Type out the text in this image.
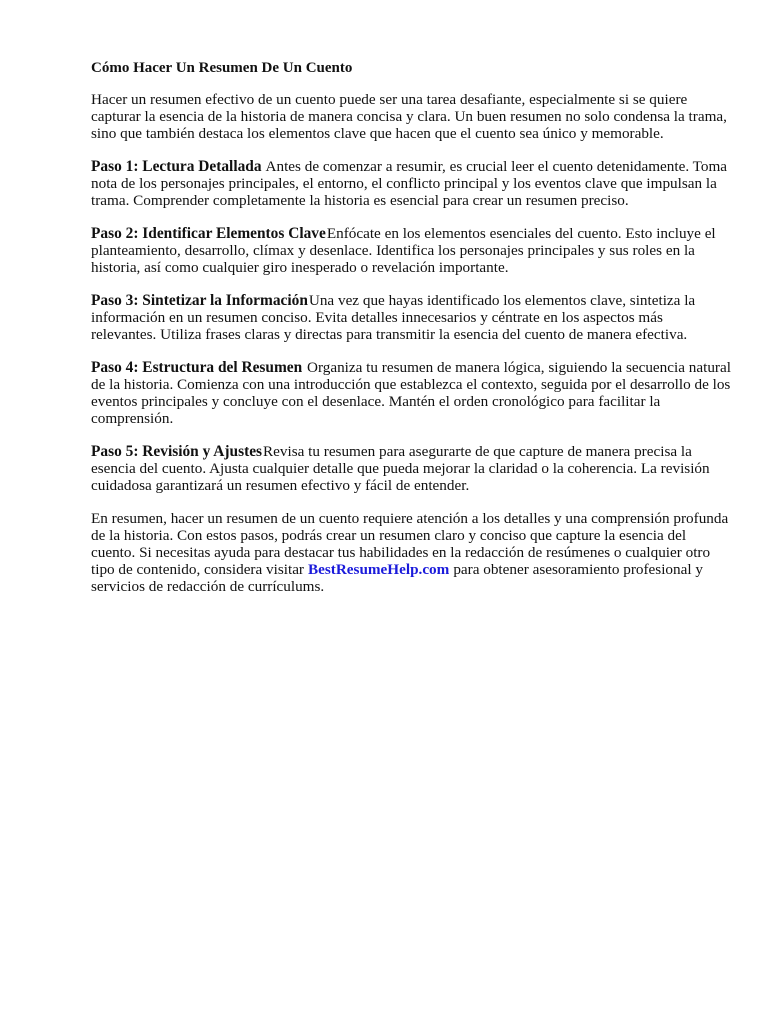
Cómo Hacer Un Resumen De Un Cuento

Hacer un resumen efectivo de un cuento puede ser una tarea desafiante, especialmente si se quiere capturar la esencia de la historia de manera concisa y clara. Un buen resumen no solo condensa la trama, sino que también destaca los elementos clave que hacen que el cuento sea único y memorable.

Paso 1: Lectura Detallada Antes de comenzar a resumir, es crucial leer el cuento detenidamente. Toma nota de los personajes principales, el entorno, el conflicto principal y los eventos clave que impulsan la trama. Comprender completamente la historia es esencial para crear un resumen preciso.

Paso 2: Identificar Elementos ClaveEnfócate en los elementos esenciales del cuento. Esto incluye el planteamiento, desarrollo, clímax y desenlace. Identifica los personajes principales y sus roles en la historia, así como cualquier giro inesperado o revelación importante.

Paso 3: Sintetizar la InformaciónUna vez que hayas identificado los elementos clave, sintetiza la información en un resumen conciso. Evita detalles innecesarios y céntrate en los aspectos más relevantes. Utiliza frases claras y directas para transmitir la esencia del cuento de manera efectiva.

Paso 4: Estructura del Resumen Organiza tu resumen de manera lógica, siguiendo la secuencia natural de la historia. Comienza con una introducción que establezca el contexto, seguida por el desarrollo de los eventos principales y concluye con el desenlace. Mantén el orden cronológico para facilitar la comprensión.

Paso 5: Revisión y AjustesRevisa tu resumen para asegurarte de que capture de manera precisa la esencia del cuento. Ajusta cualquier detalle que pueda mejorar la claridad o la coherencia. La revisión cuidadosa garantizará un resumen efectivo y fácil de entender.

En resumen, hacer un resumen de un cuento requiere atención a los detalles y una comprensión profunda de la historia. Con estos pasos, podrás crear un resumen claro y conciso que capture la esencia del cuento. Si necesitas ayuda para destacar tus habilidades en la redacción de resúmenes o cualquier otro tipo de contenido, considera visitar BestResumeHelp.com para obtener asesoramiento profesional y servicios de redacción de currículums.
